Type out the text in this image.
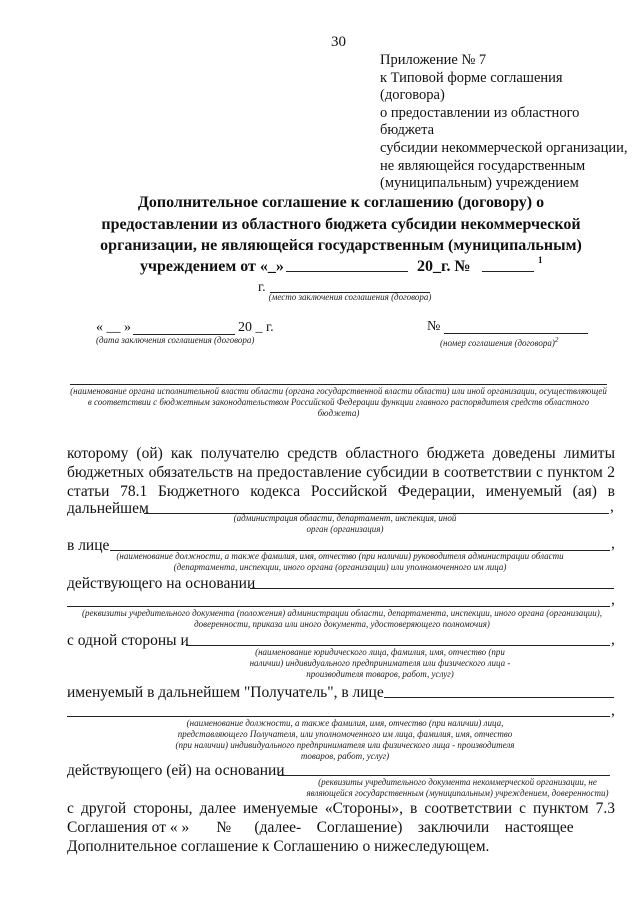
30
Приложение № 7
к Типовой форме соглашения (договора)
о предоставлении из областного бюджета
субсидии некоммерческой организации,
не являющейся государственным
(муниципальным) учреждением
Дополнительное соглашение к соглашению (договору) о
предоставлении из областного бюджета субсидии некоммерческой
организации, не являющейся государственным (муниципальным)
учреждением от «_»	20_г. №	1
г.
(место заключения соглашения (договора)
« __ »	20 _ г.
(дата заключения соглашения (договора)
№
(номер соглашения (договора)$^2$
(наименование органа исполнительной власти области (органа государственной власти области) или иной организации, осуществляющей в соответствии с бюджетным законодательством Российской Федерации функции главного распорядителя средств областного бюджета)
которому (ой) как получателю средств областного бюджета доведены лимиты
бюджетных обязательств на предоставление субсидии в соответствии с пунктом 2
статьи 78.1 Бюджетного кодекса Российской Федерации, именуемый (ая) в
дальнейшем	,
(администрация области, департамент, инспекция, иной орган (организация)
в лице	,
(наименование должности, а также фамилия, имя, отчество (при наличии) руководителя администрации области (департамента, инспекции, иного органа (организации) или уполномоченного им лица)
действующего на основании
,
(реквизиты учредительного документа (положения) администрации области, департамента, инспекции, иного органа (организации), доверенности, приказа или иного документа, удостоверяющего полномочия)
с одной стороны и	,
(наименование юридического лица, фамилия, имя, отчество (при наличии) индивидуального предпринимателя или физического лица - производителя товаров, работ, услуг)
именуемый в дальнейшем "Получатель", в лице
,
(наименование должности, а также фамилия, имя, отчество (при наличии) лица, представляющего Получателя, или уполномоченного им лица, фамилия, имя, отчество (при наличии) индивидуального предпринимателя или физического лица - производителя товаров, работ, услуг)
действующего (ей) на основании
(реквизиты учредительного документа некоммерческой организации, не являющейся государственным (муниципальным) учреждением, доверенности)
с другой стороны, далее именуемые «Стороны», в соответствии с пунктом 7.3
Соглашения от « »       №      (далее-    Соглашение)    заключили    настоящее
Дополнительное соглашение к Соглашению о нижеследующем.
